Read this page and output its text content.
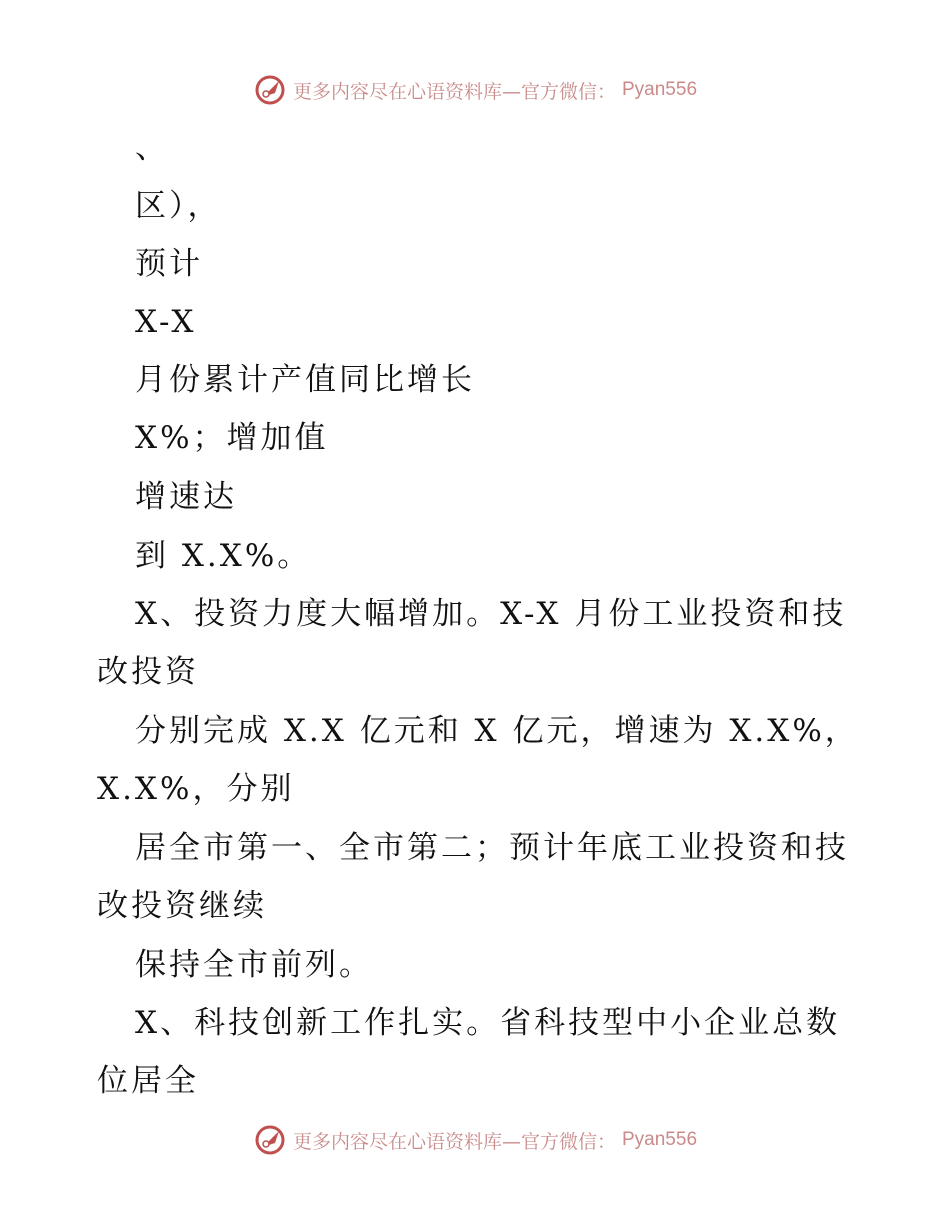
更多内容尽在心语资料库—官方微信： Pyan556
、
区），
预计
X-X
月份累计产值同比增长
X%；增加值
增速达
到 X.X%。
X、投资力度大幅增加。X-X 月份工业投资和技
改投资
分别完成 X.X 亿元和 X 亿元，增速为 X.X%，
X.X%，分别
居全市第一、全市第二；预计年底工业投资和技
改投资继续
保持全市前列。
X、科技创新工作扎实。省科技型中小企业总数
位居全
更多内容尽在心语资料库—官方微信： Pyan556
